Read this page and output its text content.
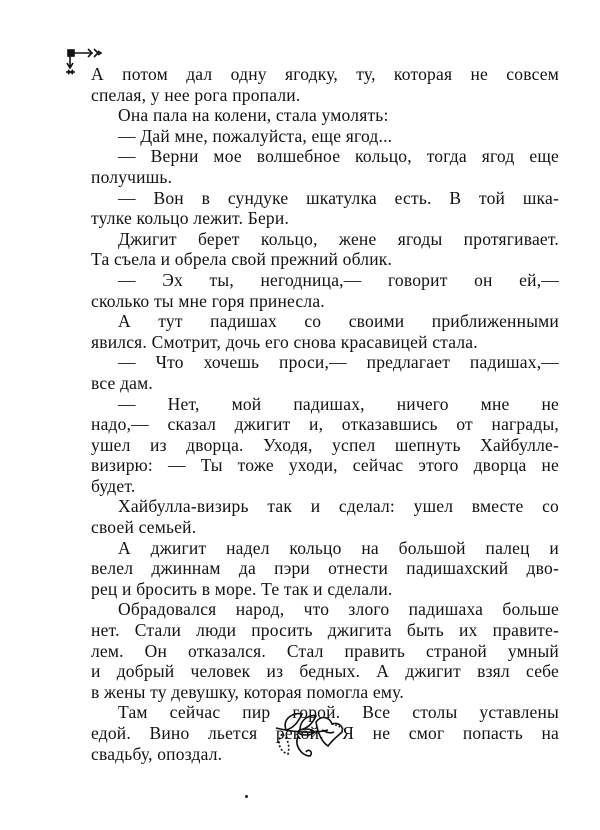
А потом дал одну ягодку, ту, которая не совсем
спелая, у нее рога пропали.
Она пала на колени, стала умолять:
— Дай мне, пожалуйста, еще ягод...
— Верни мое волшебное кольцо, тогда ягод еще
получишь.
— Вон в сундуке шкатулка есть. В той шка-
тулке кольцо лежит. Бери.
Джигит берет кольцо, жене ягоды протягивает.
Та съела и обрела свой прежний облик.
— Эх ты, негодница,— говорит он ей,—
сколько ты мне горя принесла.
А тут падишах со своими приближенными
явился. Смотрит, дочь его снова красавицей стала.
— Что хочешь проси,— предлагает падишах,—
все дам.
— Нет, мой падишах, ничего мне не
надо,— сказал джигит и, отказавшись от награды,
ушел из дворца. Уходя, успел шепнуть Хайбулле-
визирю: — Ты тоже уходи, сейчас этого дворца не
будет.
Хайбулла-визирь так и сделал: ушел вместе со
своей семьей.
А джигит надел кольцо на большой палец и
велел джиннам да пэри отнести падишахский дво-
рец и бросить в море. Те так и сделали.
Обрадовался народ, что злого падишаха больше
нет. Стали люди просить джигита быть их правите-
лем. Он отказался. Стал править страной умный
и добрый человек из бедных. А джигит взял себе
в жены ту девушку, которая помогла ему.
Там сейчас пир горой. Все столы уставлены
едой. Вино льется рекой. Я не смог попасть на
свадьбу, опоздал.
